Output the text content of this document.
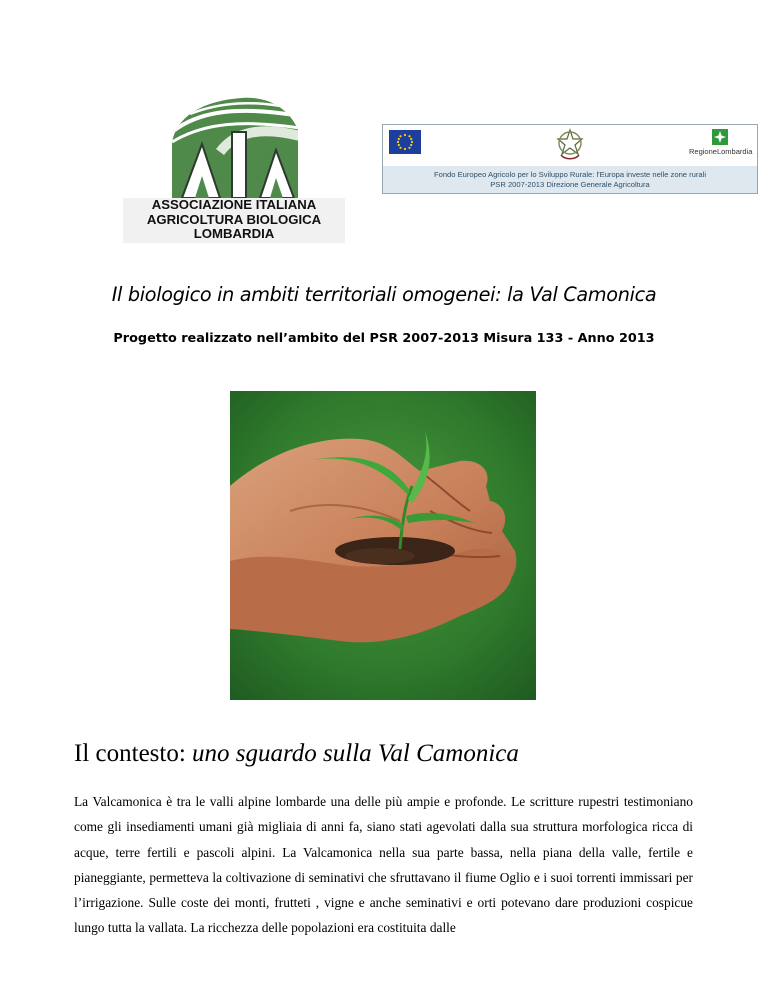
ASSOCIAZIONE ITALIANA
AGRICOLTURA BIOLOGICA
LOMBARDIA
RegioneLombardia
Fondo Europeo Agricolo per lo Sviluppo Rurale: l'Europa investe nelle zone rurali
PSR 2007-2013 Direzione Generale Agricoltura
Il biologico in ambiti territoriali omogenei: la Val Camonica
Progetto realizzato nell’ambito del PSR 2007-2013 Misura 133 - Anno 2013
Il contesto: uno sguardo sulla Val Camonica
La Valcamonica è tra le valli alpine lombarde una delle più ampie e profonde. Le scritture rupestri testimoniano come gli insediamenti umani già migliaia di anni fa, siano stati agevolati dalla sua struttura morfologica ricca di acque, terre fertili e pascoli alpini. La Valcamonica nella sua parte bassa, nella piana della valle, fertile e pianeggiante, permetteva la coltivazione di seminativi che sfruttavano il fiume Oglio e i suoi torrenti immissari per l’irrigazione. Sulle coste dei monti, frutteti , vigne e anche seminativi e orti potevano dare produzioni cospicue lungo tutta la vallata. La ricchezza delle popolazioni era costituita dalle
